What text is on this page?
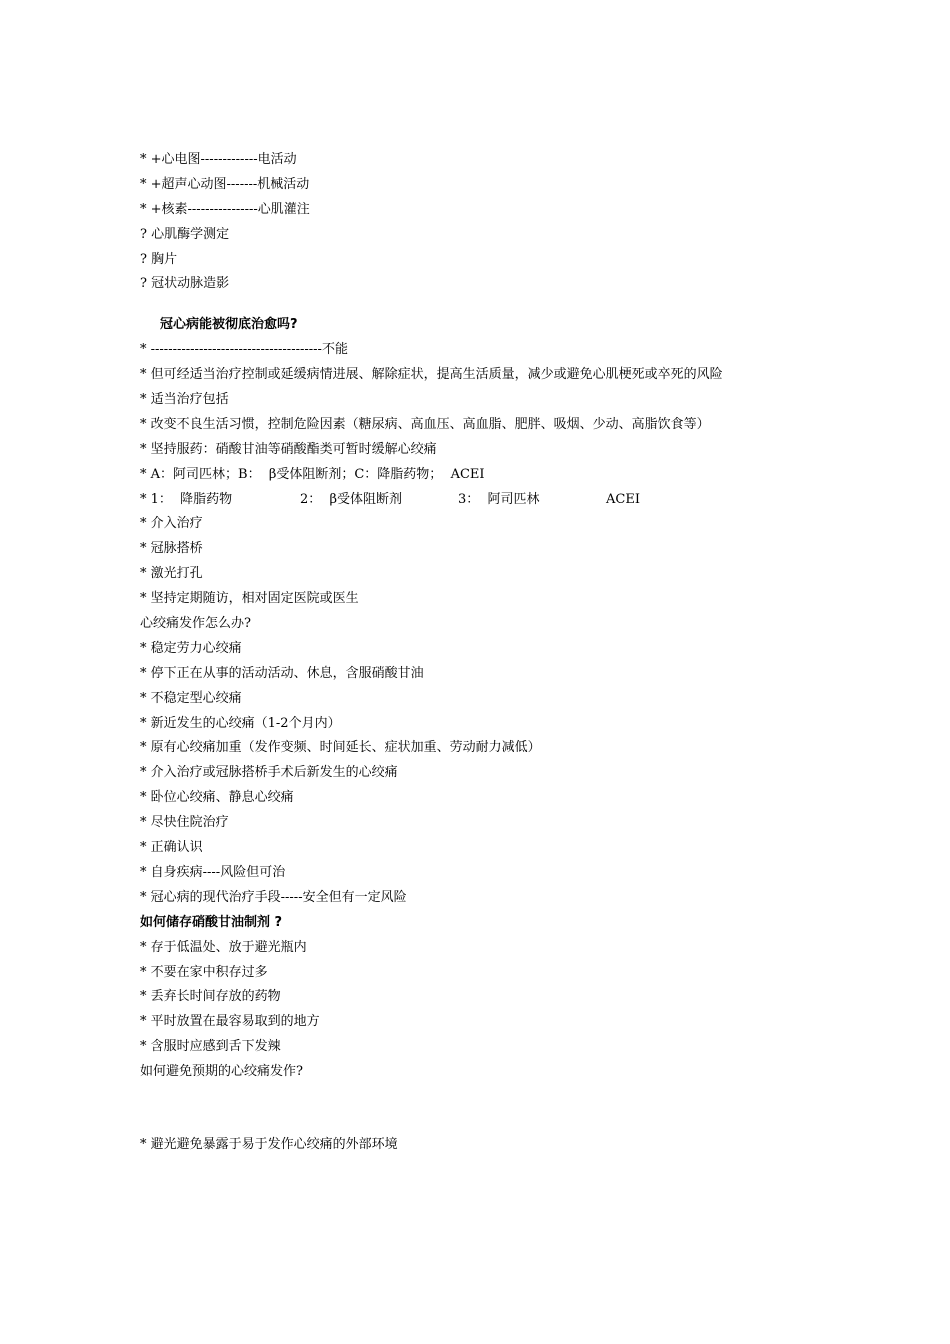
* +心电图-------------电活动
* +超声心动图-------机械活动
* +核素----------------心肌灌注
? 心肌酶学测定
? 胸片
? 冠状动脉造影
冠心病能被彻底治愈吗?
* ---------------------------------------不能
* 但可经适当治疗控制或延缓病情进展、解除症状，提高生活质量，减少或避免心肌梗死或卒死的风险
* 适当治疗包括
* 改变不良生活习惯，控制危险因素（糖尿病、高血压、高血脂、肥胖、吸烟、少动、高脂饮食等）
* 坚持服药：硝酸甘油等硝酸酯类可暂时缓解心绞痛
* A：阿司匹林；B：  β受体阻断剂；C：降脂药物；  ACEI
* 1：  降脂药物	2：  β受体阻断剂	3：  阿司匹林	ACEI
* 介入治疗
* 冠脉搭桥
* 激光打孔
* 坚持定期随访，相对固定医院或医生
心绞痛发作怎么办?
* 稳定劳力心绞痛
* 停下正在从事的活动活动、休息，含服硝酸甘油
* 不稳定型心绞痛
* 新近发生的心绞痛（1-2个月内）
* 原有心绞痛加重（发作变频、时间延长、症状加重、劳动耐力减低）
* 介入治疗或冠脉搭桥手术后新发生的心绞痛
* 卧位心绞痛、静息心绞痛
* 尽快住院治疗
* 正确认识
* 自身疾病----风险但可治
* 冠心病的现代治疗手段-----安全但有一定风险
如何储存硝酸甘油制剂 ?
* 存于低温处、放于避光瓶内
* 不要在家中积存过多
* 丢弃长时间存放的药物
* 平时放置在最容易取到的地方
* 含服时应感到舌下发辣
如何避免预期的心绞痛发作?
* 避光避免暴露于易于发作心绞痛的外部环境
